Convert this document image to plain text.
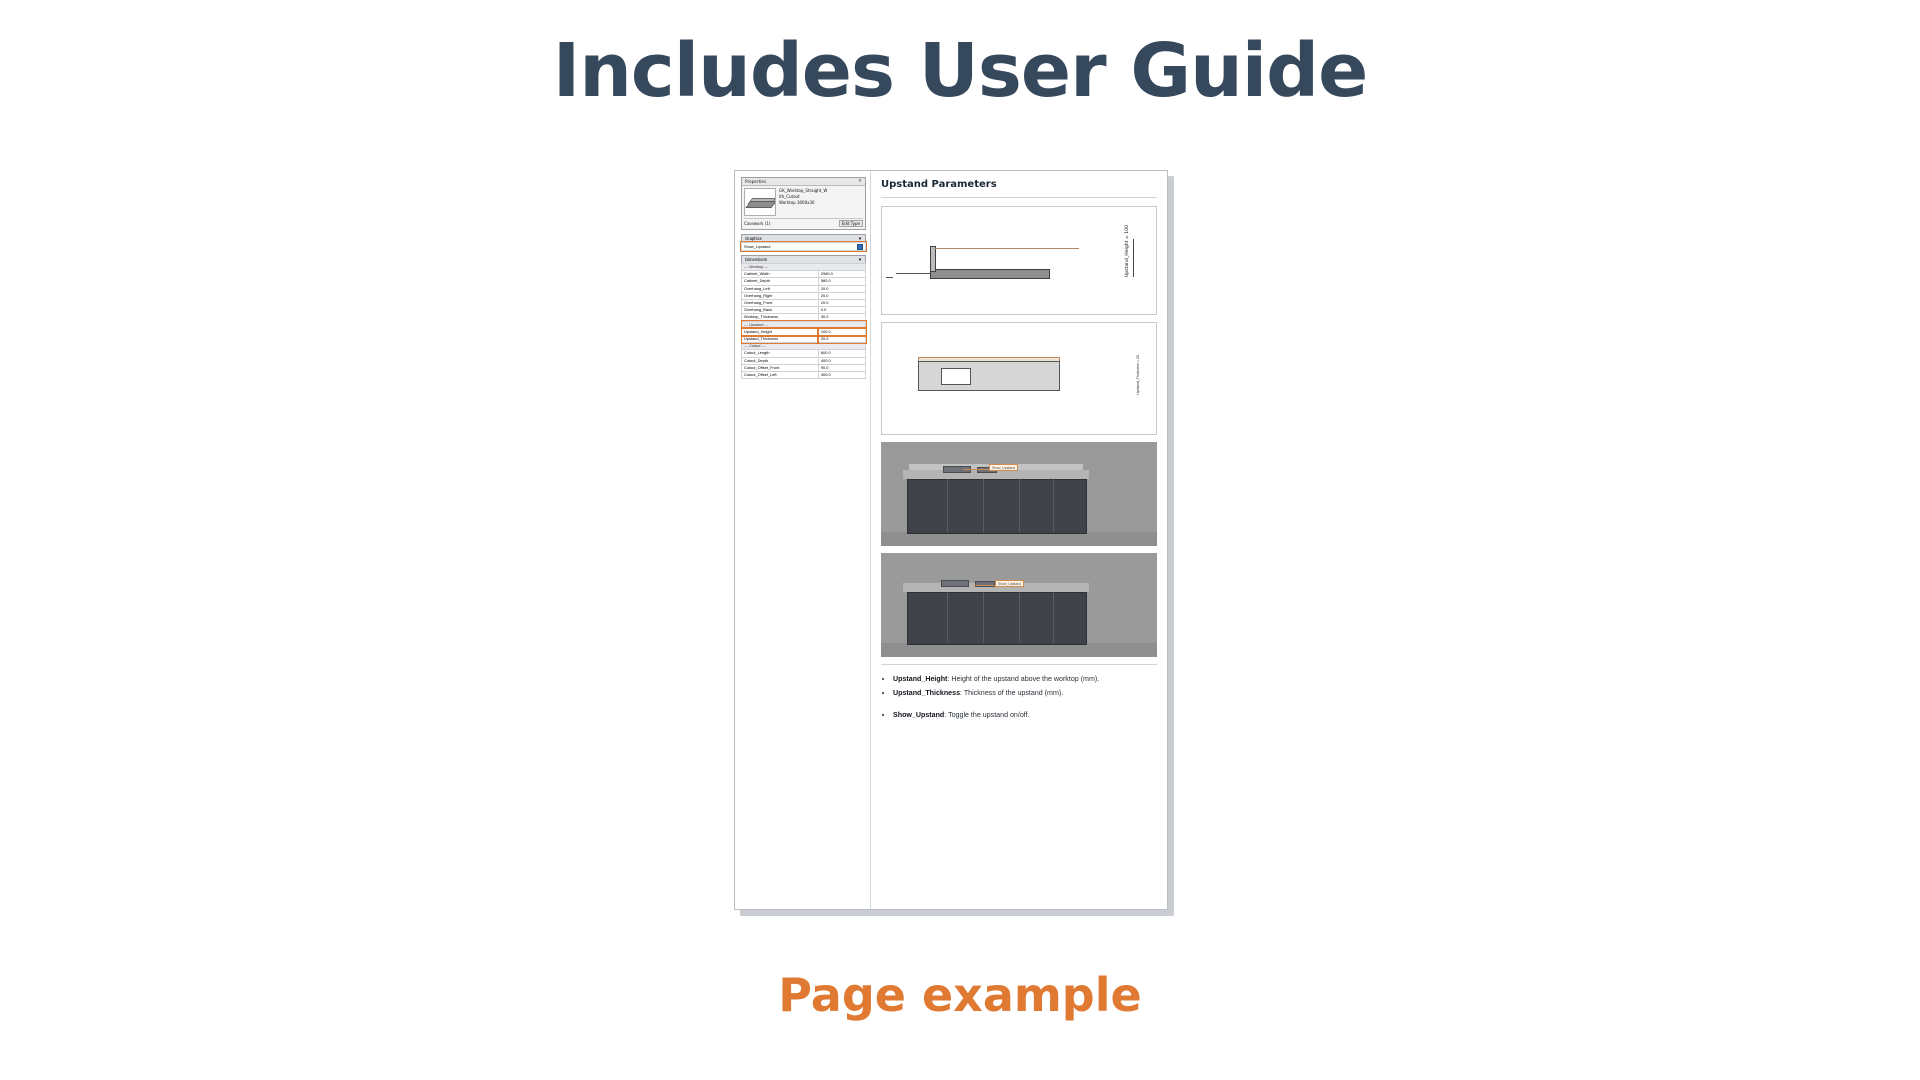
Includes User Guide
Properties	✕
GK_Worktop_Straight_W
ith_Cutout
Worktop 3000x30
Casework (1)	Edit Type
Graphics	▼
Show_Upstand
Dimensions	▼
--- Worktop ---	
Cabinet_Width	2960.0
Cabinet_Depth	580.0
Overhang_Left	20.0
Overhang_Right	20.0
Overhang_Front	20.0
Overhang_Back	0.0
Worktop_Thickness	30.0
--- Upstand ---	
Upstand_Height	100.0
Upstand_Thickness	20.0
--- Cutout ---	
Cutout_Length	600.0
Cutout_Depth	400.0
Cutout_Offset_Front	90.0
Cutout_Offset_Left	400.0
Upstand Parameters
Upstand_Height = 100
Upstand_Thickness = 20
Show_Upstand
Show_Upstand
• Upstand_Height: Height of the upstand above the worktop (mm).
• Upstand_Thickness: Thickness of the upstand (mm).
• Show_Upstand: Toggle the upstand on/off.
Page example
